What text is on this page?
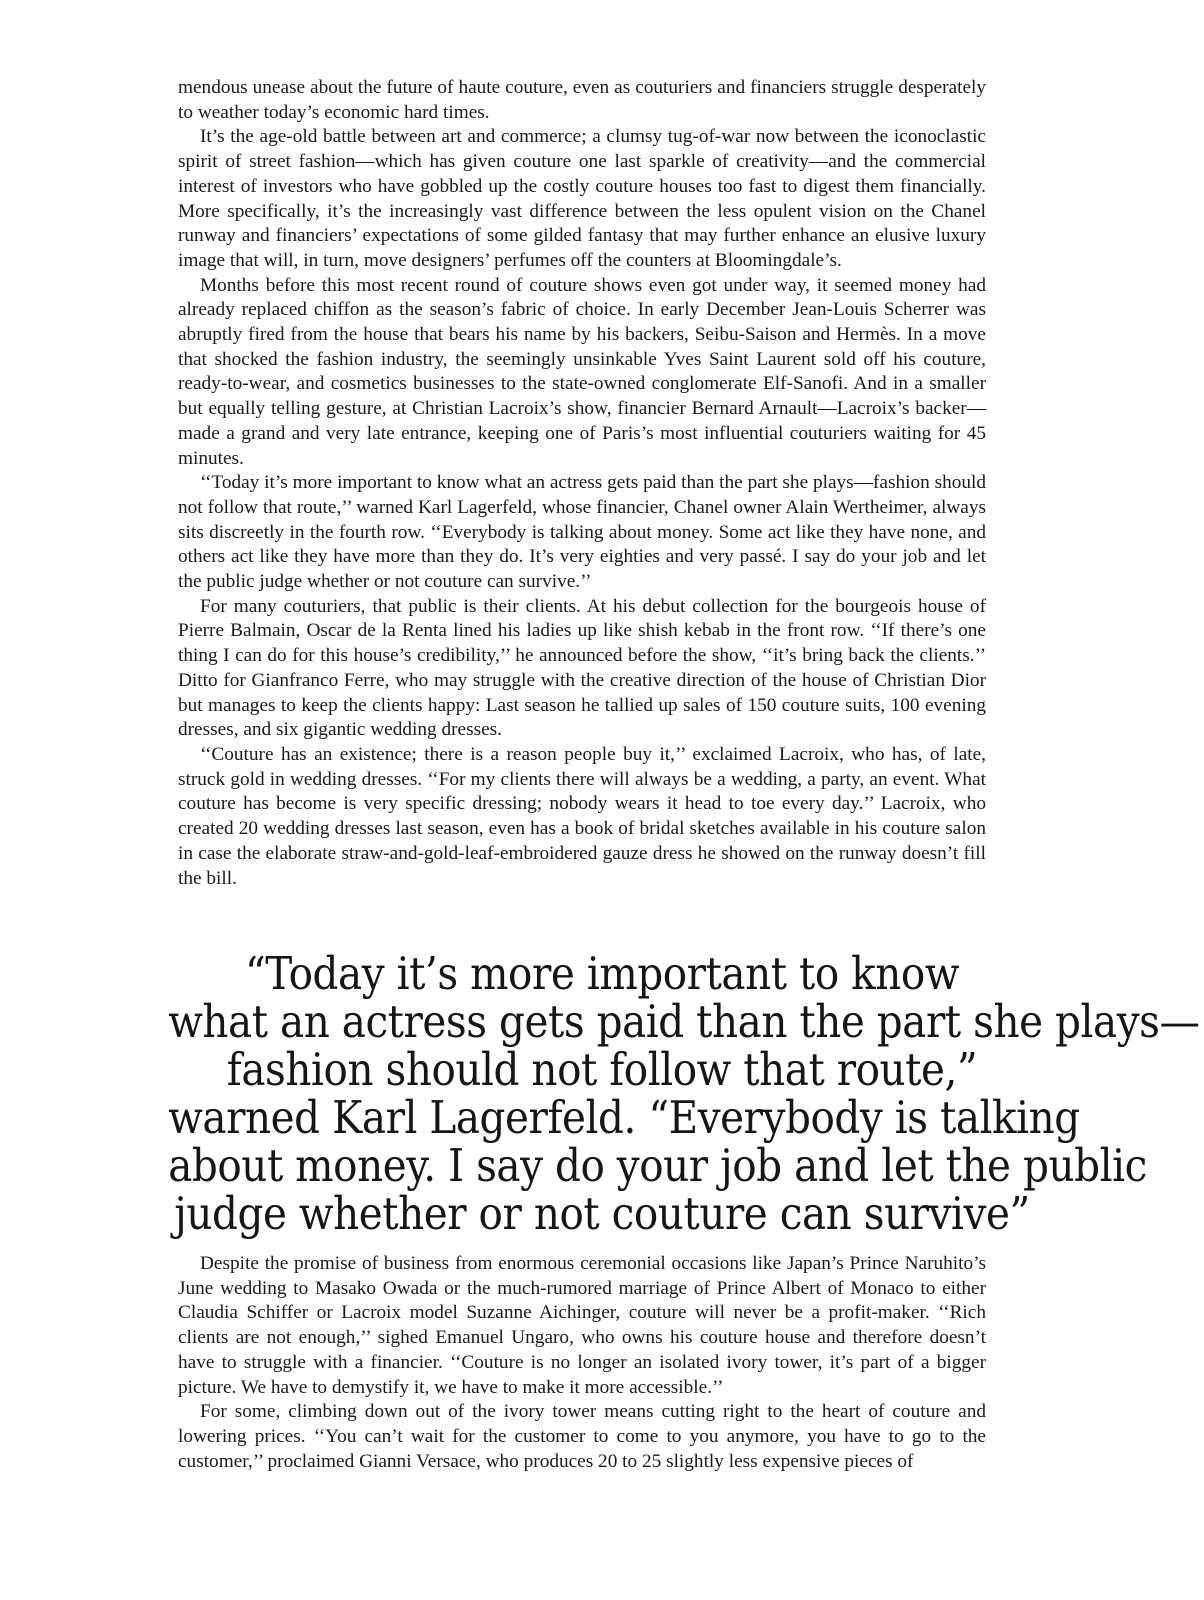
mendous unease about the future of haute couture, even as couturiers and financiers struggle desperately to weather today’s economic hard times.

It’s the age-old battle between art and commerce; a clumsy tug-of-war now between the iconoclastic spirit of street fashion—which has given couture one last sparkle of creativity—and the commercial interest of investors who have gobbled up the costly couture houses too fast to digest them financially. More specifically, it’s the increasingly vast difference between the less opulent vision on the Chanel runway and financiers’ expectations of some gilded fantasy that may further enhance an elusive luxury image that will, in turn, move designers’ perfumes off the counters at Bloomingdale’s.

Months before this most recent round of couture shows even got under way, it seemed money had already replaced chiffon as the season’s fabric of choice. In early December Jean-Louis Scherrer was abruptly fired from the house that bears his name by his backers, Seibu-Saison and Hermès. In a move that shocked the fashion industry, the seemingly unsinkable Yves Saint Laurent sold off his couture, ready-to-wear, and cosmetics businesses to the state-owned conglomerate Elf-Sanofi. And in a smaller but equally telling gesture, at Christian Lacroix’s show, financier Bernard Arnault—Lacroix’s backer—made a grand and very late entrance, keeping one of Paris’s most influential couturiers waiting for 45 minutes.

‘‘Today it’s more important to know what an actress gets paid than the part she plays—fashion should not follow that route,’’ warned Karl Lagerfeld, whose financier, Chanel owner Alain Wertheimer, always sits discreetly in the fourth row. ‘‘Everybody is talking about money. Some act like they have none, and others act like they have more than they do. It’s very eighties and very passé. I say do your job and let the public judge whether or not couture can survive.’’

For many couturiers, that public is their clients. At his debut collection for the bourgeois house of Pierre Balmain, Oscar de la Renta lined his ladies up like shish kebab in the front row. ‘‘If there’s one thing I can do for this house’s credibility,’’ he announced before the show, ‘‘it’s bring back the clients.’’ Ditto for Gianfranco Ferre, who may struggle with the creative direction of the house of Christian Dior but manages to keep the clients happy: Last season he tallied up sales of 150 couture suits, 100 evening dresses, and six gigantic wedding dresses.

‘‘Couture has an existence; there is a reason people buy it,’’ exclaimed Lacroix, who has, of late, struck gold in wedding dresses. ‘‘For my clients there will always be a wedding, a party, an event. What couture has become is very specific dressing; nobody wears it head to toe every day.’’ Lacroix, who created 20 wedding dresses last season, even has a book of bridal sketches available in his couture salon in case the elaborate straw-and-gold-leaf-embroidered gauze dress he showed on the runway doesn’t fill the bill.

“Today it’s more important to know
what an actress gets paid than the part she plays—
fashion should not follow that route,”
warned Karl Lagerfeld. “Everybody is talking
about money. I say do your job and let the public
judge whether or not couture can survive”

Despite the promise of business from enormous ceremonial occasions like Japan’s Prince Naruhito’s June wedding to Masako Owada or the much-rumored marriage of Prince Albert of Monaco to either Claudia Schiffer or Lacroix model Suzanne Aichinger, couture will never be a profit-maker. ‘‘Rich clients are not enough,’’ sighed Emanuel Ungaro, who owns his couture house and therefore doesn’t have to struggle with a financier. ‘‘Couture is no longer an isolated ivory tower, it’s part of a bigger picture. We have to demystify it, we have to make it more accessible.’’

For some, climbing down out of the ivory tower means cutting right to the heart of couture and lowering prices. ‘‘You can’t wait for the customer to come to you anymore, you have to go to the customer,’’ proclaimed Gianni Versace, who produces 20 to 25 slightly less expensive pieces of
